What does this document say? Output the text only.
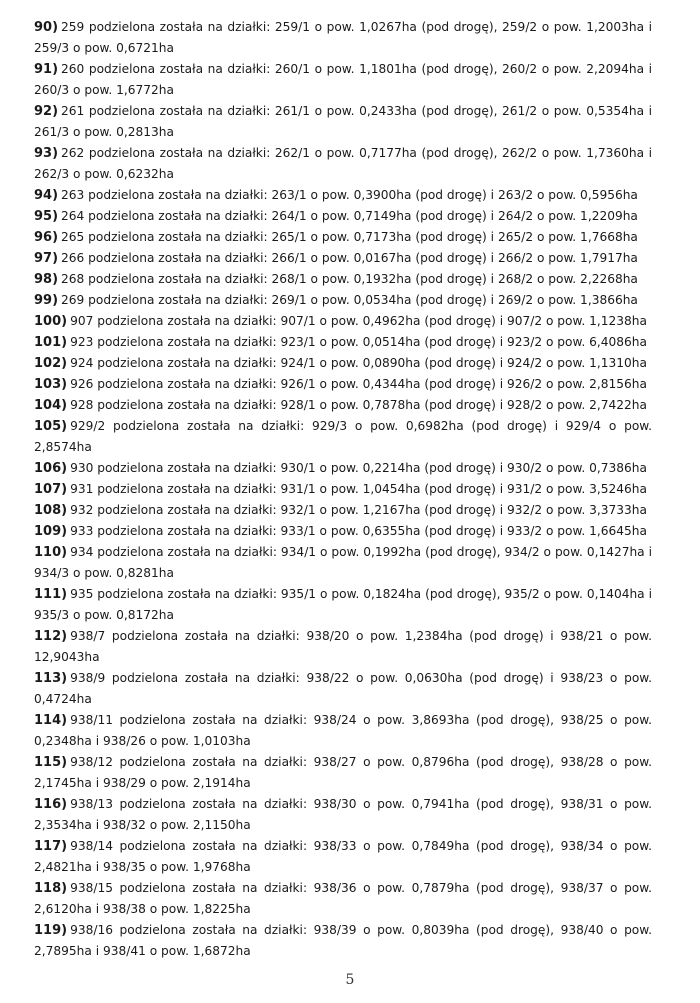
90) 259 podzielona została na działki: 259/1 o pow. 1,0267ha (pod drogę), 259/2 o pow. 1,2003ha i 259/3 o pow. 0,6721ha

91) 260 podzielona została na działki: 260/1 o pow. 1,1801ha (pod drogę), 260/2 o pow. 2,2094ha i 260/3 o pow. 1,6772ha

92) 261 podzielona została na działki: 261/1 o pow. 0,2433ha (pod drogę), 261/2 o pow. 0,5354ha i 261/3 o pow. 0,2813ha

93) 262 podzielona została na działki: 262/1 o pow. 0,7177ha (pod drogę), 262/2 o pow. 1,7360ha i 262/3 o pow. 0,6232ha

94) 263 podzielona została na działki: 263/1 o pow. 0,3900ha (pod drogę) i 263/2 o pow. 0,5956ha

95) 264 podzielona została na działki: 264/1 o pow. 0,7149ha (pod drogę) i 264/2 o pow. 1,2209ha

96) 265 podzielona została na działki: 265/1 o pow. 0,7173ha (pod drogę) i 265/2 o pow. 1,7668ha

97) 266 podzielona została na działki: 266/1 o pow. 0,0167ha (pod drogę) i 266/2 o pow. 1,7917ha

98) 268 podzielona została na działki: 268/1 o pow. 0,1932ha (pod drogę) i 268/2 o pow. 2,2268ha

99) 269 podzielona została na działki: 269/1 o pow. 0,0534ha (pod drogę) i 269/2 o pow. 1,3866ha

100) 907 podzielona została na działki: 907/1 o pow. 0,4962ha (pod drogę) i 907/2 o pow. 1,1238ha

101) 923 podzielona została na działki: 923/1 o pow. 0,0514ha (pod drogę) i 923/2 o pow. 6,4086ha

102) 924 podzielona została na działki: 924/1 o pow. 0,0890ha (pod drogę) i 924/2 o pow. 1,1310ha

103) 926 podzielona została na działki: 926/1 o pow. 0,4344ha (pod drogę) i 926/2 o pow. 2,8156ha

104) 928 podzielona została na działki: 928/1 o pow. 0,7878ha (pod drogę) i 928/2 o pow. 2,7422ha

105) 929/2 podzielona została na działki: 929/3 o pow. 0,6982ha (pod drogę) i 929/4 o pow. 2,8574ha

106) 930 podzielona została na działki: 930/1 o pow. 0,2214ha (pod drogę) i 930/2 o pow. 0,7386ha

107) 931 podzielona została na działki: 931/1 o pow. 1,0454ha (pod drogę) i 931/2 o pow. 3,5246ha

108) 932 podzielona została na działki: 932/1 o pow. 1,2167ha (pod drogę) i 932/2 o pow. 3,3733ha

109) 933 podzielona została na działki: 933/1 o pow. 0,6355ha (pod drogę) i 933/2 o pow. 1,6645ha

110) 934 podzielona została na działki: 934/1 o pow. 0,1992ha (pod drogę), 934/2 o pow. 0,1427ha i 934/3 o pow. 0,8281ha

111) 935 podzielona została na działki: 935/1 o pow. 0,1824ha (pod drogę), 935/2 o pow. 0,1404ha i 935/3 o pow. 0,8172ha

112) 938/7 podzielona została na działki: 938/20 o pow. 1,2384ha (pod drogę) i 938/21 o pow. 12,9043ha

113) 938/9 podzielona została na działki: 938/22 o pow. 0,0630ha (pod drogę) i 938/23 o pow. 0,4724ha

114) 938/11 podzielona została na działki: 938/24 o pow. 3,8693ha (pod drogę), 938/25 o pow. 0,2348ha i 938/26 o pow. 1,0103ha

115) 938/12 podzielona została na działki: 938/27 o pow. 0,8796ha (pod drogę), 938/28 o pow. 2,1745ha i 938/29 o pow. 2,1914ha

116) 938/13 podzielona została na działki: 938/30 o pow. 0,7941ha (pod drogę), 938/31 o pow. 2,3534ha i 938/32 o pow. 2,1150ha

117) 938/14 podzielona została na działki: 938/33 o pow. 0,7849ha (pod drogę), 938/34 o pow. 2,4821ha i 938/35 o pow. 1,9768ha

118) 938/15 podzielona została na działki: 938/36 o pow. 0,7879ha (pod drogę), 938/37 o pow. 2,6120ha i 938/38 o pow. 1,8225ha

119) 938/16 podzielona została na działki: 938/39 o pow. 0,8039ha (pod drogę), 938/40 o pow. 2,7895ha i 938/41 o pow. 1,6872ha

5
